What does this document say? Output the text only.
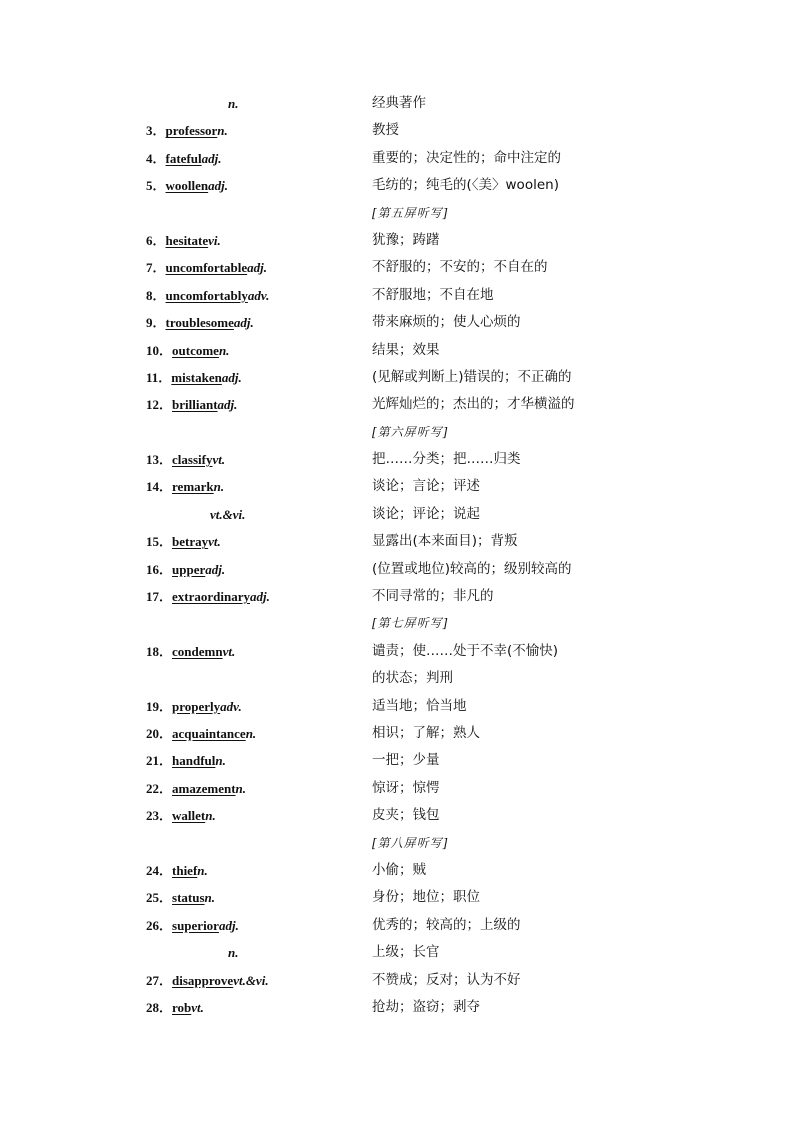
n.	经典著作
3．professorn.	教授
4．fatefuladj.	重要的；决定性的；命中注定的
5．woollenadj.	毛纺的；纯毛的(〈美〉woolen)
[第五屏听写]
6．hesitatevi.	犹豫；踌躇
7．uncomfortableadj.	不舒服的；不安的；不自在的
8．uncomfortablyadv.	不舒服地；不自在地
9．troublesomeadj.	带来麻烦的；使人心烦的
10．outcomen.	结果；效果
11．mistakenadj.	(见解或判断上)错误的；不正确的
12．brilliantadj.	光辉灿烂的；杰出的；才华横溢的
[第六屏听写]
13．classifyvt.	把……分类；把……归类
14．remarkn.	谈论；言论；评述
vt.&vi.	谈论；评论；说起
15．betrayvt.	显露出(本来面目)；背叛
16．upperadj.	(位置或地位)较高的；级别较高的
17．extraordinaryadj.	不同寻常的；非凡的
[第七屏听写]
18．condemnvt.	谴责；使……处于不幸(不愉快)
的状态；判刑
19．properlyadv.	适当地；恰当地
20．acquaintancen.	相识；了解；熟人
21．handfuln.	一把；少量
22．amazementn.	惊讶；惊愕
23．walletn.	皮夹；钱包
[第八屏听写]
24．thiefn.	小偷；贼
25．statusn.	身份；地位；职位
26．superioradj.	优秀的；较高的；上级的
n.	上级；长官
27．disapprovevt.&vi.	不赞成；反对；认为不好
28．robvt.	抢劫；盗窃；剥夺
